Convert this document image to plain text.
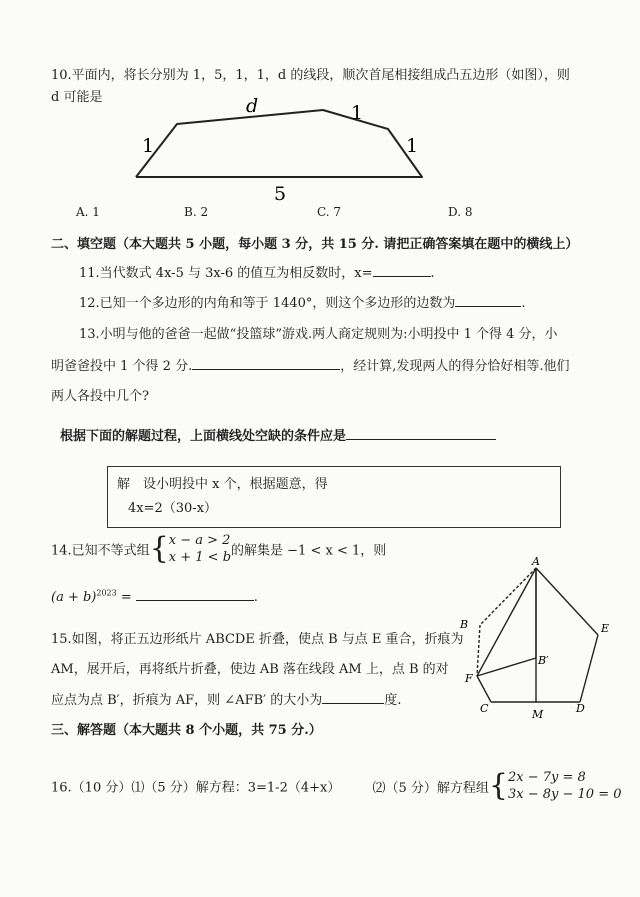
10.平面内，将长分别为 1，5，1，1，d 的线段，顺次首尾相接组成凸五边形（如图），则
d 可能是	d	1
1	1
5
A. 1	B. 2	C. 7	D. 8
二、填空题（本大题共 5 小题，每小题 3 分，共 15 分. 请把正确答案填在题中的横线上）
11.当代数式 4x-5 与 3x-6 的值互为相反数时，x=	.
12.已知一个多边形的内角和等于 1440°，则这个多边形的边数为	.
13.小明与他的爸爸一起做“投篮球”游戏.两人商定规则为:小明投中 1 个得 4 分，小
明爸爸投中 1 个得 2 分.	，经计算,发现两人的得分恰好相等.他们
两人各投中几个?
根据下面的解题过程，上面横线处空缺的条件应是
解　设小明投中 x 个，根据题意，得
4x=2（30-x）
14.已知不等式组{ x − a > 2
x + 1 < b 的解集是 −1 < x < 1，则
$(a + b)^{2023}$ =	.
15.如图，将正五边形纸片 ABCDE 折叠，使点 B 与点 E 重合，折痕为
AM，展开后，再将纸片折叠，使边 AB 落在线段 AM 上，点 B 的对
应点为点 B′，折痕为 AF，则 ∠AFB′ 的大小为	度.
A
B	E
C	D
F
M
B′
三、解答题（本大题共 8 个小题，共 75 分.）
16.（10 分）⑴（5 分）解方程：3=1-2（4+x） ⑵（5 分）解方程组{ 2x − 7y = 8
3x − 8y − 10 = 0
